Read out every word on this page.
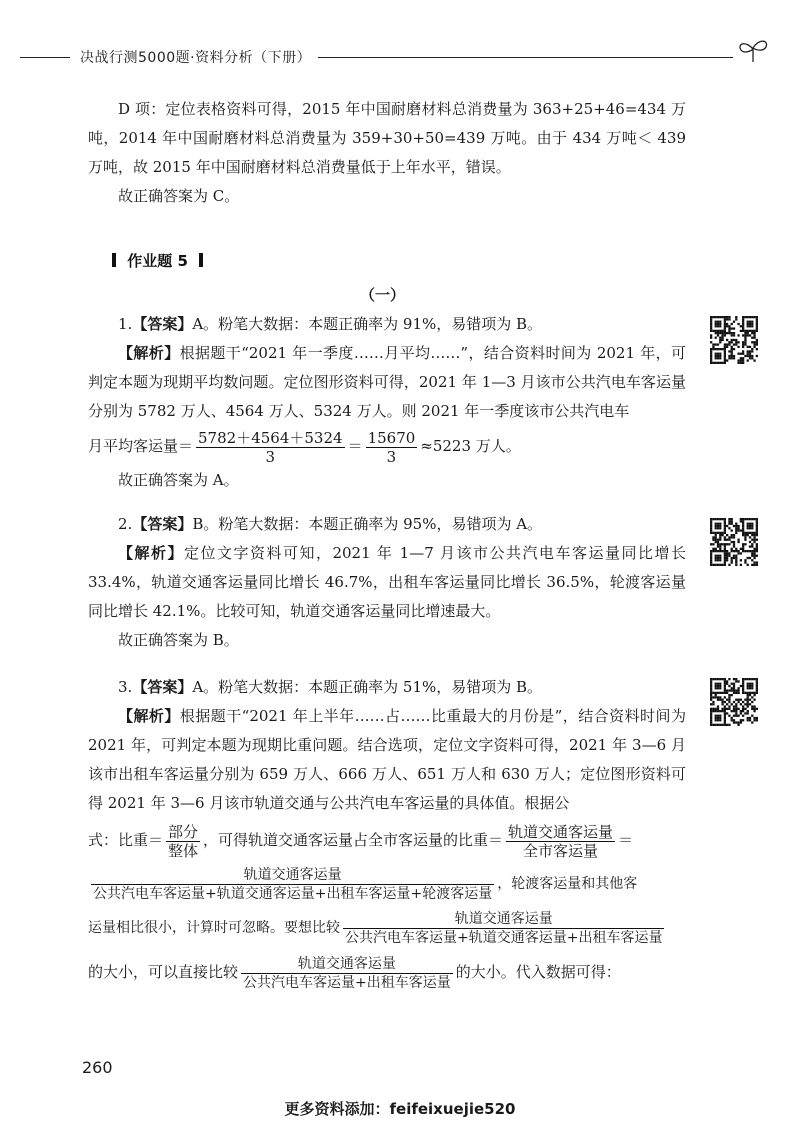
决战行测5000题·资料分析（下册）

D 项：定位表格资料可得，2015 年中国耐磨材料总消费量为 363+25+46=434 万吨，2014 年中国耐磨材料总消费量为 359+30+50=439 万吨。由于 434 万吨＜ 439 万吨，故 2015 年中国耐磨材料总消费量低于上年水平，错误。

故正确答案为 C。

作业题 5
（一）

1.【答案】A。粉笔大数据：本题正确率为 91%，易错项为 B。

【解析】根据题干“2021 年一季度……月平均……”，结合资料时间为 2021 年，可判定本题为现期平均数问题。定位图形资料可得，2021 年 1—3 月该市公共汽电车客运量分别为 5782 万人、4564 万人、5324 万人。则 2021 年一季度该市公共汽电车

月平均客运量＝ $\frac{5782+4564+5324}{3} = \frac{15670}{3} \approx 5223$ 万人。

故正确答案为 A。

2.【答案】B。粉笔大数据：本题正确率为 95%，易错项为 A。

【解析】定位文字资料可知，2021 年 1—7 月该市公共汽电车客运量同比增长 33.4%，轨道交通客运量同比增长 46.7%，出租车客运量同比增长 36.5%，轮渡客运量同比增长 42.1%。比较可知，轨道交通客运量同比增速最大。

故正确答案为 B。

3.【答案】A。粉笔大数据：本题正确率为 51%，易错项为 B。

【解析】根据题干“2021 年上半年……占……比重最大的月份是”，结合资料时间为 2021 年，可判定本题为现期比重问题。结合选项，定位文字资料可得，2021 年 3—6 月该市出租车客运量分别为 659 万人、666 万人、651 万人和 630 万人；定位图形资料可得 2021 年 3—6 月该市轨道交通与公共汽电车客运量的具体值。根据公

式：比重＝ $\frac{\text{部分}}{\text{整体}}$ ，可得轨道交通客运量占全市客运量的比重＝ $\frac{\text{轨道交通客运量}}{\text{全市客运量}}$ ＝

$\frac{\text{轨道交通客运量}}{\text{公共汽电车客运量+轨道交通客运量+出租车客运量+轮渡客运量}}$ ，轮渡客运量和其他客

运量相比很小，计算时可忽略。要想比较 $\frac{\text{轨道交通客运量}}{\text{公共汽电车客运量+轨道交通客运量+出租车客运量}}$

的大小，可以直接比较 $\frac{\text{轨道交通客运量}}{\text{公共汽电车客运量+出租车客运量}}$ 的大小。代入数据可得：

260
更多资料添加：feifeixuejie520
